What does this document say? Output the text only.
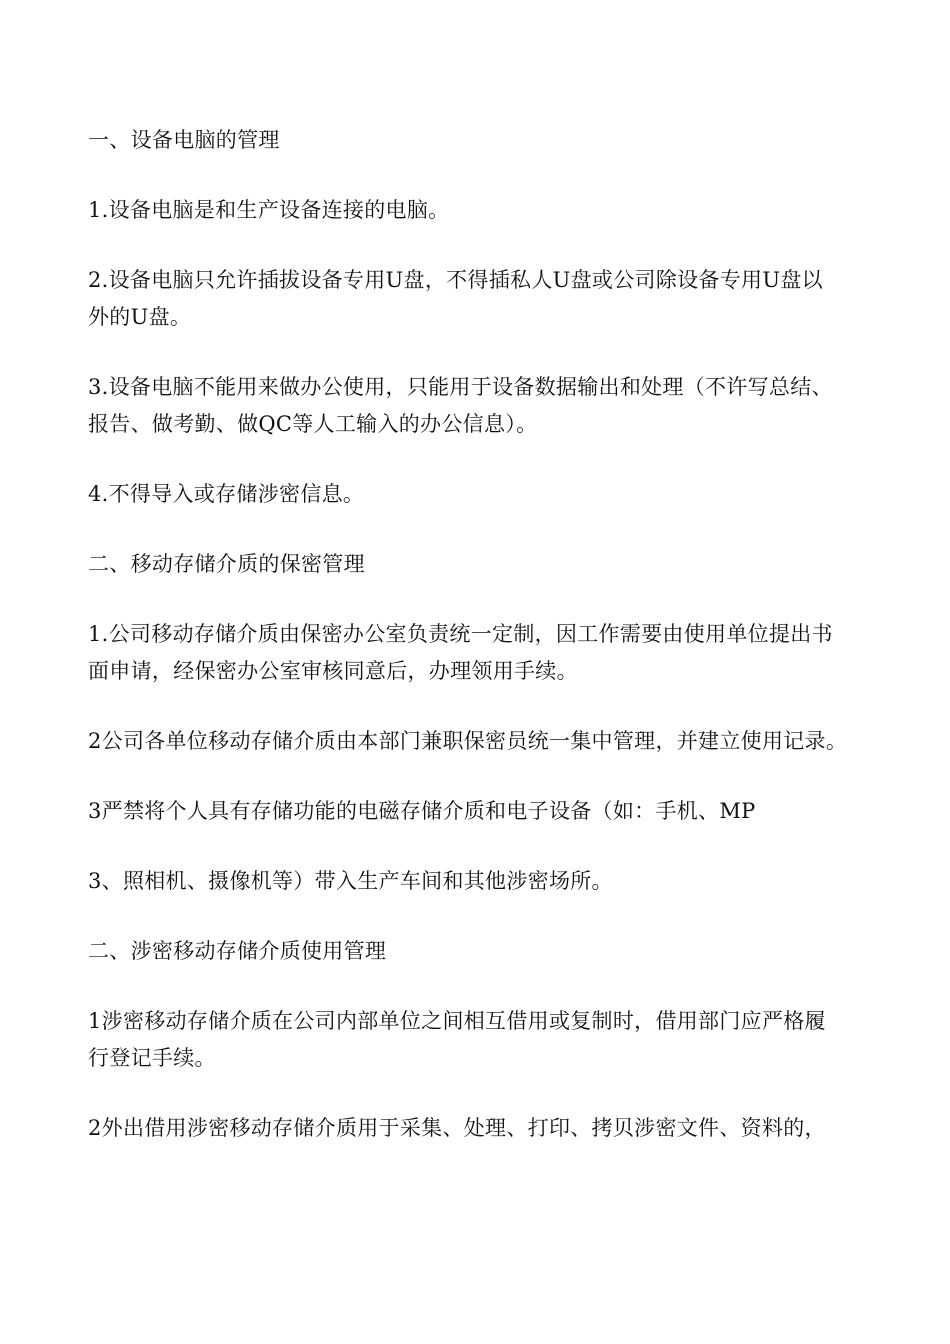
一、设备电脑的管理

1.设备电脑是和生产设备连接的电脑。

2.设备电脑只允许插拔设备专用U盘，不得插私人U盘或公司除设备专用U盘以
外的U盘。

3.设备电脑不能用来做办公使用，只能用于设备数据输出和处理（不许写总结、
报告、做考勤、做QC等人工输入的办公信息）。

4.不得导入或存储涉密信息。

二、移动存储介质的保密管理

1.公司移动存储介质由保密办公室负责统一定制，因工作需要由使用单位提出书
面申请，经保密办公室审核同意后，办理领用手续。

2公司各单位移动存储介质由本部门兼职保密员统一集中管理，并建立使用记录。

3严禁将个人具有存储功能的电磁存储介质和电子设备（如：手机、MP

3、照相机、摄像机等）带入生产车间和其他涉密场所。

二、涉密移动存储介质使用管理

1涉密移动存储介质在公司内部单位之间相互借用或复制时，借用部门应严格履
行登记手续。

2外出借用涉密移动存储介质用于采集、处理、打印、拷贝涉密文件、资料的，
